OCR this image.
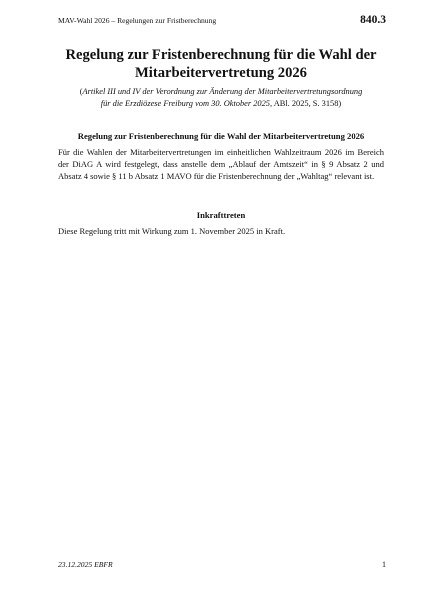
MAV-Wahl 2026 – Regelungen zur Fristberechnung	840.3
Regelung zur Fristenberechnung für die Wahl der
Mitarbeitervertretung 2026
(Artikel III und IV der Verordnung zur Änderung der Mitarbeitervertretungsordnung
für die Erzdiözese Freiburg vom 30. Oktober 2025, ABl. 2025, S. 3158)
Regelung zur Fristenberechnung für die Wahl der Mitarbeitervertretung 2026
Für die Wahlen der Mitarbeitervertretungen im einheitlichen Wahlzeitraum 2026 im Bereich der DiAG A wird festgelegt, dass anstelle dem „Ablauf der Amtszeit“ in § 9 Absatz 2 und Absatz 4 sowie § 11 b Absatz 1 MAVO für die Fristenberechnung der „Wahltag“ relevant ist.
Inkrafttreten
Diese Regelung tritt mit Wirkung zum 1. November 2025 in Kraft.
23.12.2025 EBFR	1
